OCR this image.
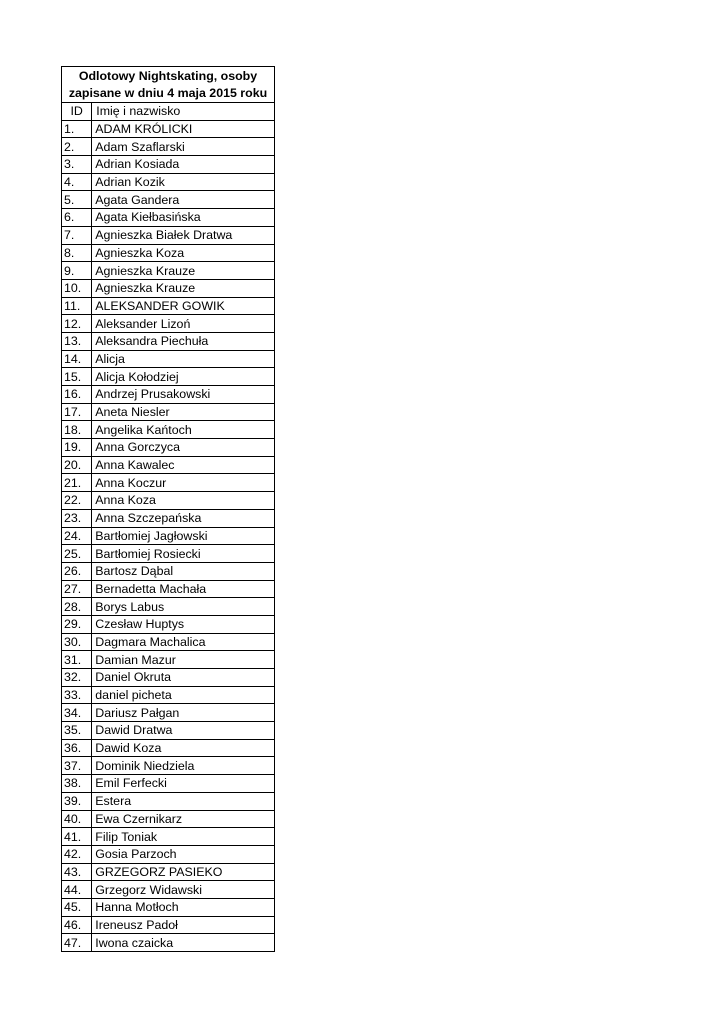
Odlotowy Nightskating, osoby zapisane w dniu 4 maja 2015 roku	
ID	Imię i nazwisko
1.	ADAM KRÓLICKI
2.	Adam Szaflarski
3.	Adrian Kosiada
4.	Adrian Kozik
5.	Agata Gandera
6.	Agata Kiełbasińska
7.	Agnieszka Białek Dratwa
8.	Agnieszka Koza
9.	Agnieszka Krauze
10.	Agnieszka Krauze
11.	ALEKSANDER GOWIK
12.	Aleksander Lizoń
13.	Aleksandra Piechuła
14.	Alicja
15.	Alicja Kołodziej
16.	Andrzej Prusakowski
17.	Aneta Niesler
18.	Angelika Kańtoch
19.	Anna Gorczyca
20.	Anna Kawalec
21.	Anna Koczur
22.	Anna Koza
23.	Anna Szczepańska
24.	Bartłomiej Jagłowski
25.	Bartłomiej Rosiecki
26.	Bartosz Dąbal
27.	Bernadetta Machała
28.	Borys Labus
29.	Czesław Huptys
30.	Dagmara Machalica
31.	Damian Mazur
32.	Daniel Okruta
33.	daniel picheta
34.	Dariusz Pałgan
35.	Dawid Dratwa
36.	Dawid Koza
37.	Dominik Niedziela
38.	Emil Ferfecki
39.	Estera
40.	Ewa Czernikarz
41.	Filip Toniak
42.	Gosia Parzoch
43.	GRZEGORZ PASIEKO
44.	Grzegorz Widawski
45.	Hanna Motłoch
46.	Ireneusz Padoł
47.	Iwona czaicka
